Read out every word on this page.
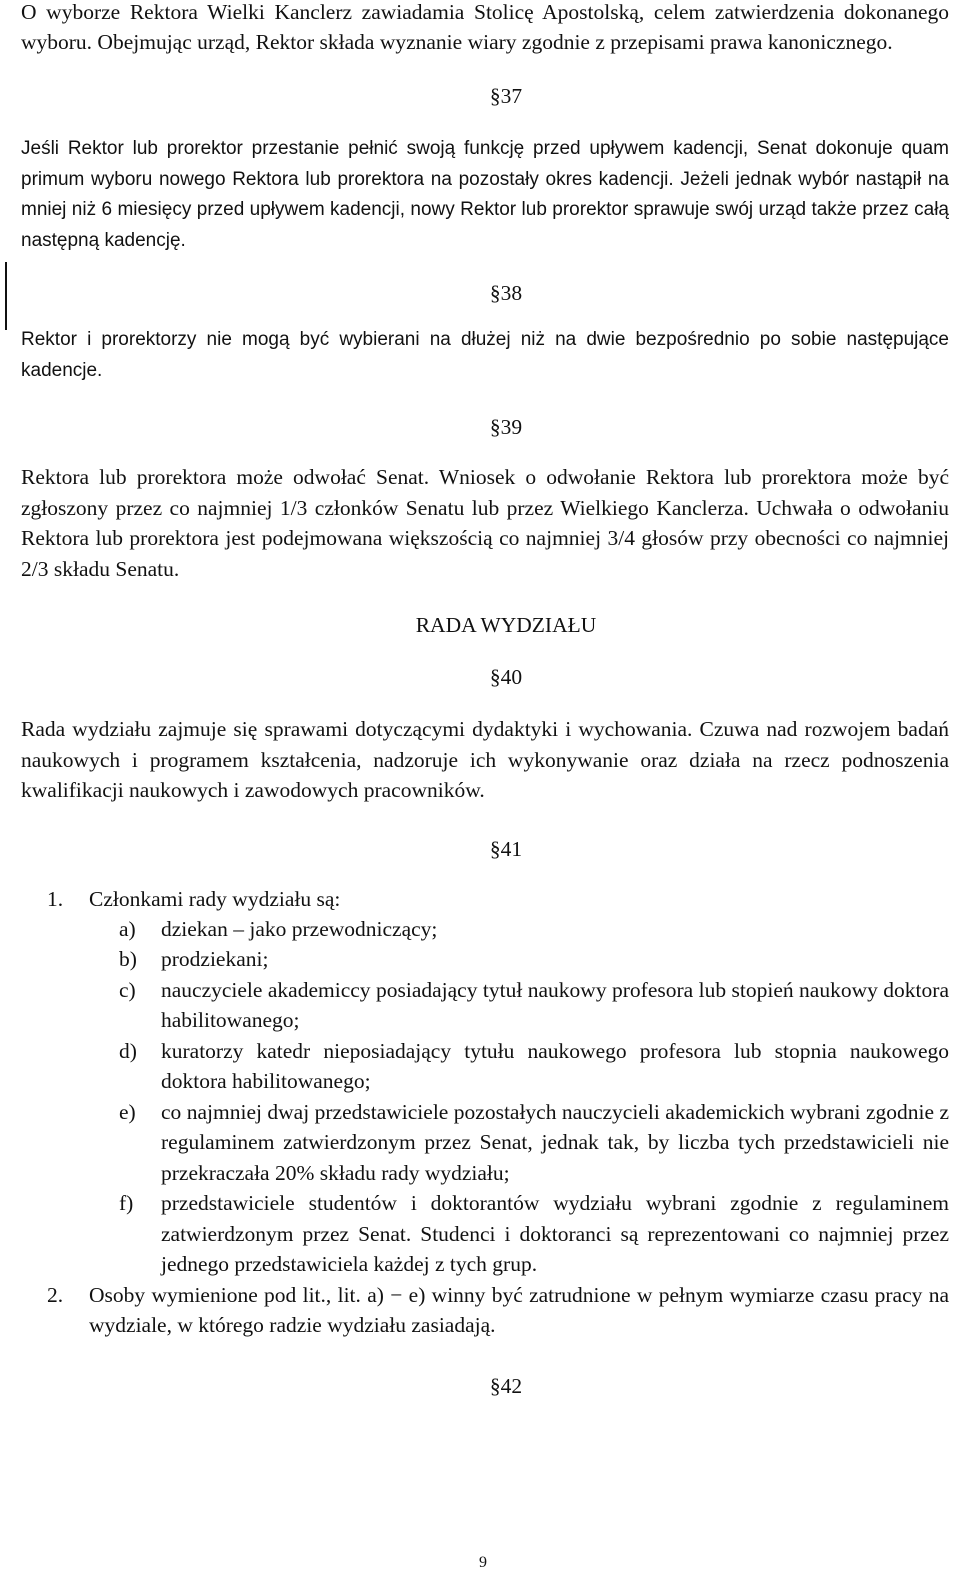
O wyborze Rektora Wielki Kanclerz zawiadamia Stolicę Apostolską, celem zatwierdzenia dokonanego wyboru. Obejmując urząd, Rektor składa wyznanie wiary zgodnie z przepisami prawa kanonicznego.

§37

Jeśli Rektor lub prorektor przestanie pełnić swoją funkcję przed upływem kadencji, Senat dokonuje quam primum wyboru nowego Rektora lub prorektora na pozostały okres kadencji. Jeżeli jednak wybór nastąpił na mniej niż 6 miesięcy przed upływem kadencji, nowy Rektor lub prorektor sprawuje swój urząd także przez całą następną kadencję.

§38

Rektor i prorektorzy nie mogą być wybierani na dłużej niż na dwie bezpośrednio po sobie następujące kadencje.

§39

Rektora lub prorektora może odwołać Senat. Wniosek o odwołanie Rektora lub prorektora może być zgłoszony przez co najmniej 1/3 członków Senatu lub przez Wielkiego Kanclerza. Uchwała o odwołaniu Rektora lub prorektora jest podejmowana większością co najmniej 3/4 głosów przy obecności co najmniej 2/3 składu Senatu.

RADA WYDZIAŁU

§40

Rada wydziału zajmuje się sprawami dotyczącymi dydaktyki i wychowania. Czuwa nad rozwojem badań naukowych i programem kształcenia, nadzoruje ich wykonywanie oraz działa na rzecz podnoszenia kwalifikacji naukowych i zawodowych pracowników.

§41

1.	Członkami rady wydziału są:
a)	dziekan – jako przewodniczący;
b)	prodziekani;
c)	nauczyciele akademiccy posiadający tytuł naukowy profesora lub stopień naukowy doktora habilitowanego;
d)	kuratorzy katedr nieposiadający tytułu naukowego profesora lub stopnia naukowego doktora habilitowanego;
e)	co najmniej dwaj przedstawiciele pozostałych nauczycieli akademickich wybrani zgodnie z regulaminem zatwierdzonym przez Senat, jednak tak, by liczba tych przedstawicieli nie przekraczała 20% składu rady wydziału;
f)	przedstawiciele studentów i doktorantów wydziału wybrani zgodnie z regulaminem zatwierdzonym przez Senat. Studenci i doktoranci są reprezentowani co najmniej przez jednego przedstawiciela każdej z tych grup.
2.	Osoby wymienione pod lit., lit. a) − e) winny być zatrudnione w pełnym wymiarze czasu pracy na wydziale, w którego radzie wydziału zasiadają.

§42

9
